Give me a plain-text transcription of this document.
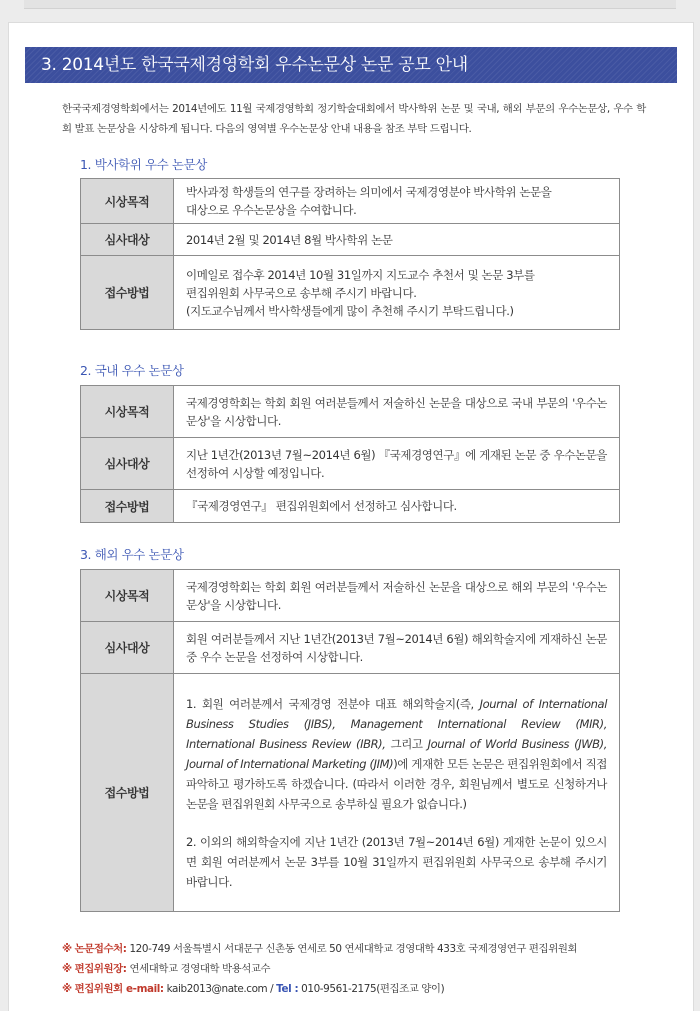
3. 2014년도 한국국제경영학회 우수논문상 논문 공모 안내

한국국제경영학회에서는 2014년에도 11월 국제경영학회 정기학술대회에서 박사학위 논문 및 국내, 해외 부문의 우수논문상, 우수 학회 발표 논문상을 시상하게 됩니다. 다음의 영역별 우수논문상 안내 내용을 참조 부탁 드립니다.

1. 박사학위 우수 논문상

시상목적	박사과정 학생들의 연구를 장려하는 의미에서 국제경영분야 박사학위 논문을
대상으로 우수논문상을 수여합니다.

심사대상	2014년 2월 및 2014년 8월 박사학위 논문
접수방법	이메일로 접수후 2014년 10월 31일까지 지도교수 추천서 및 논문 3부를
편집위원회 사무국으로 송부해 주시기 바랍니다.
(지도교수님께서 박사학생들에게 많이 추천해 주시기 부탁드립니다.)

2. 국내 우수 논문상

시상목적	국제경영학회는 학회 회원 여러분들께서 저술하신 논문을 대상으로 국내 부문의 '우수논문상'을 시상합니다.
심사대상	지난 1년간(2013년 7월~2014년 6월) 『국제경영연구』에 게재된 논문 중 우수논문을 선정하여 시상할 예정입니다.
접수방법	『국제경영연구』 편집위원회에서 선정하고 심사합니다.

3. 해외 우수 논문상

시상목적	국제경영학회는 학회 회원 여러분들께서 저술하신 논문을 대상으로 해외 부문의 '우수논문상'을 시상합니다.
심사대상	회원 여러분들께서 지난 1년간(2013년 7월~2014년 6월) 해외학술지에 게재하신 논문 중 우수 논문을 선정하여 시상합니다.
접수방법	1. 회원 여러분께서 국제경영 전분야 대표 해외학술지(즉, Journal of International Business Studies (JIBS), Management International Review (MIR), International Business Review (IBR), 그리고 Journal of World Business (JWB), Journal of International Marketing (JIM))에 게재한 모든 논문은 편집위원회에서 직접 파악하고 평가하도록 하겠습니다. (따라서 이러한 경우, 회원님께서 별도로 신청하거나 논문을 편집위원회 사무국으로 송부하실 필요가 없습니다.)
2. 이외의 해외학술지에 지난 1년간 (2013년 7월~2014년 6월) 게재한 논문이 있으시면 회원 여러분께서 논문 3부를 10월 31일까지 편집위원회 사무국으로 송부해 주시기 바랍니다.
※ 논문접수처: 120-749 서울특별시 서대문구 신촌동 연세로 50 연세대학교 경영대학 433호 국제경영연구 편집위원회
※ 편집위원장: 연세대학교 경영대학 박용석교수
※ 편집위원회 e-mail: kaib2013@nate.com / Tel : 010-9561-2175(편집조교 양이)
